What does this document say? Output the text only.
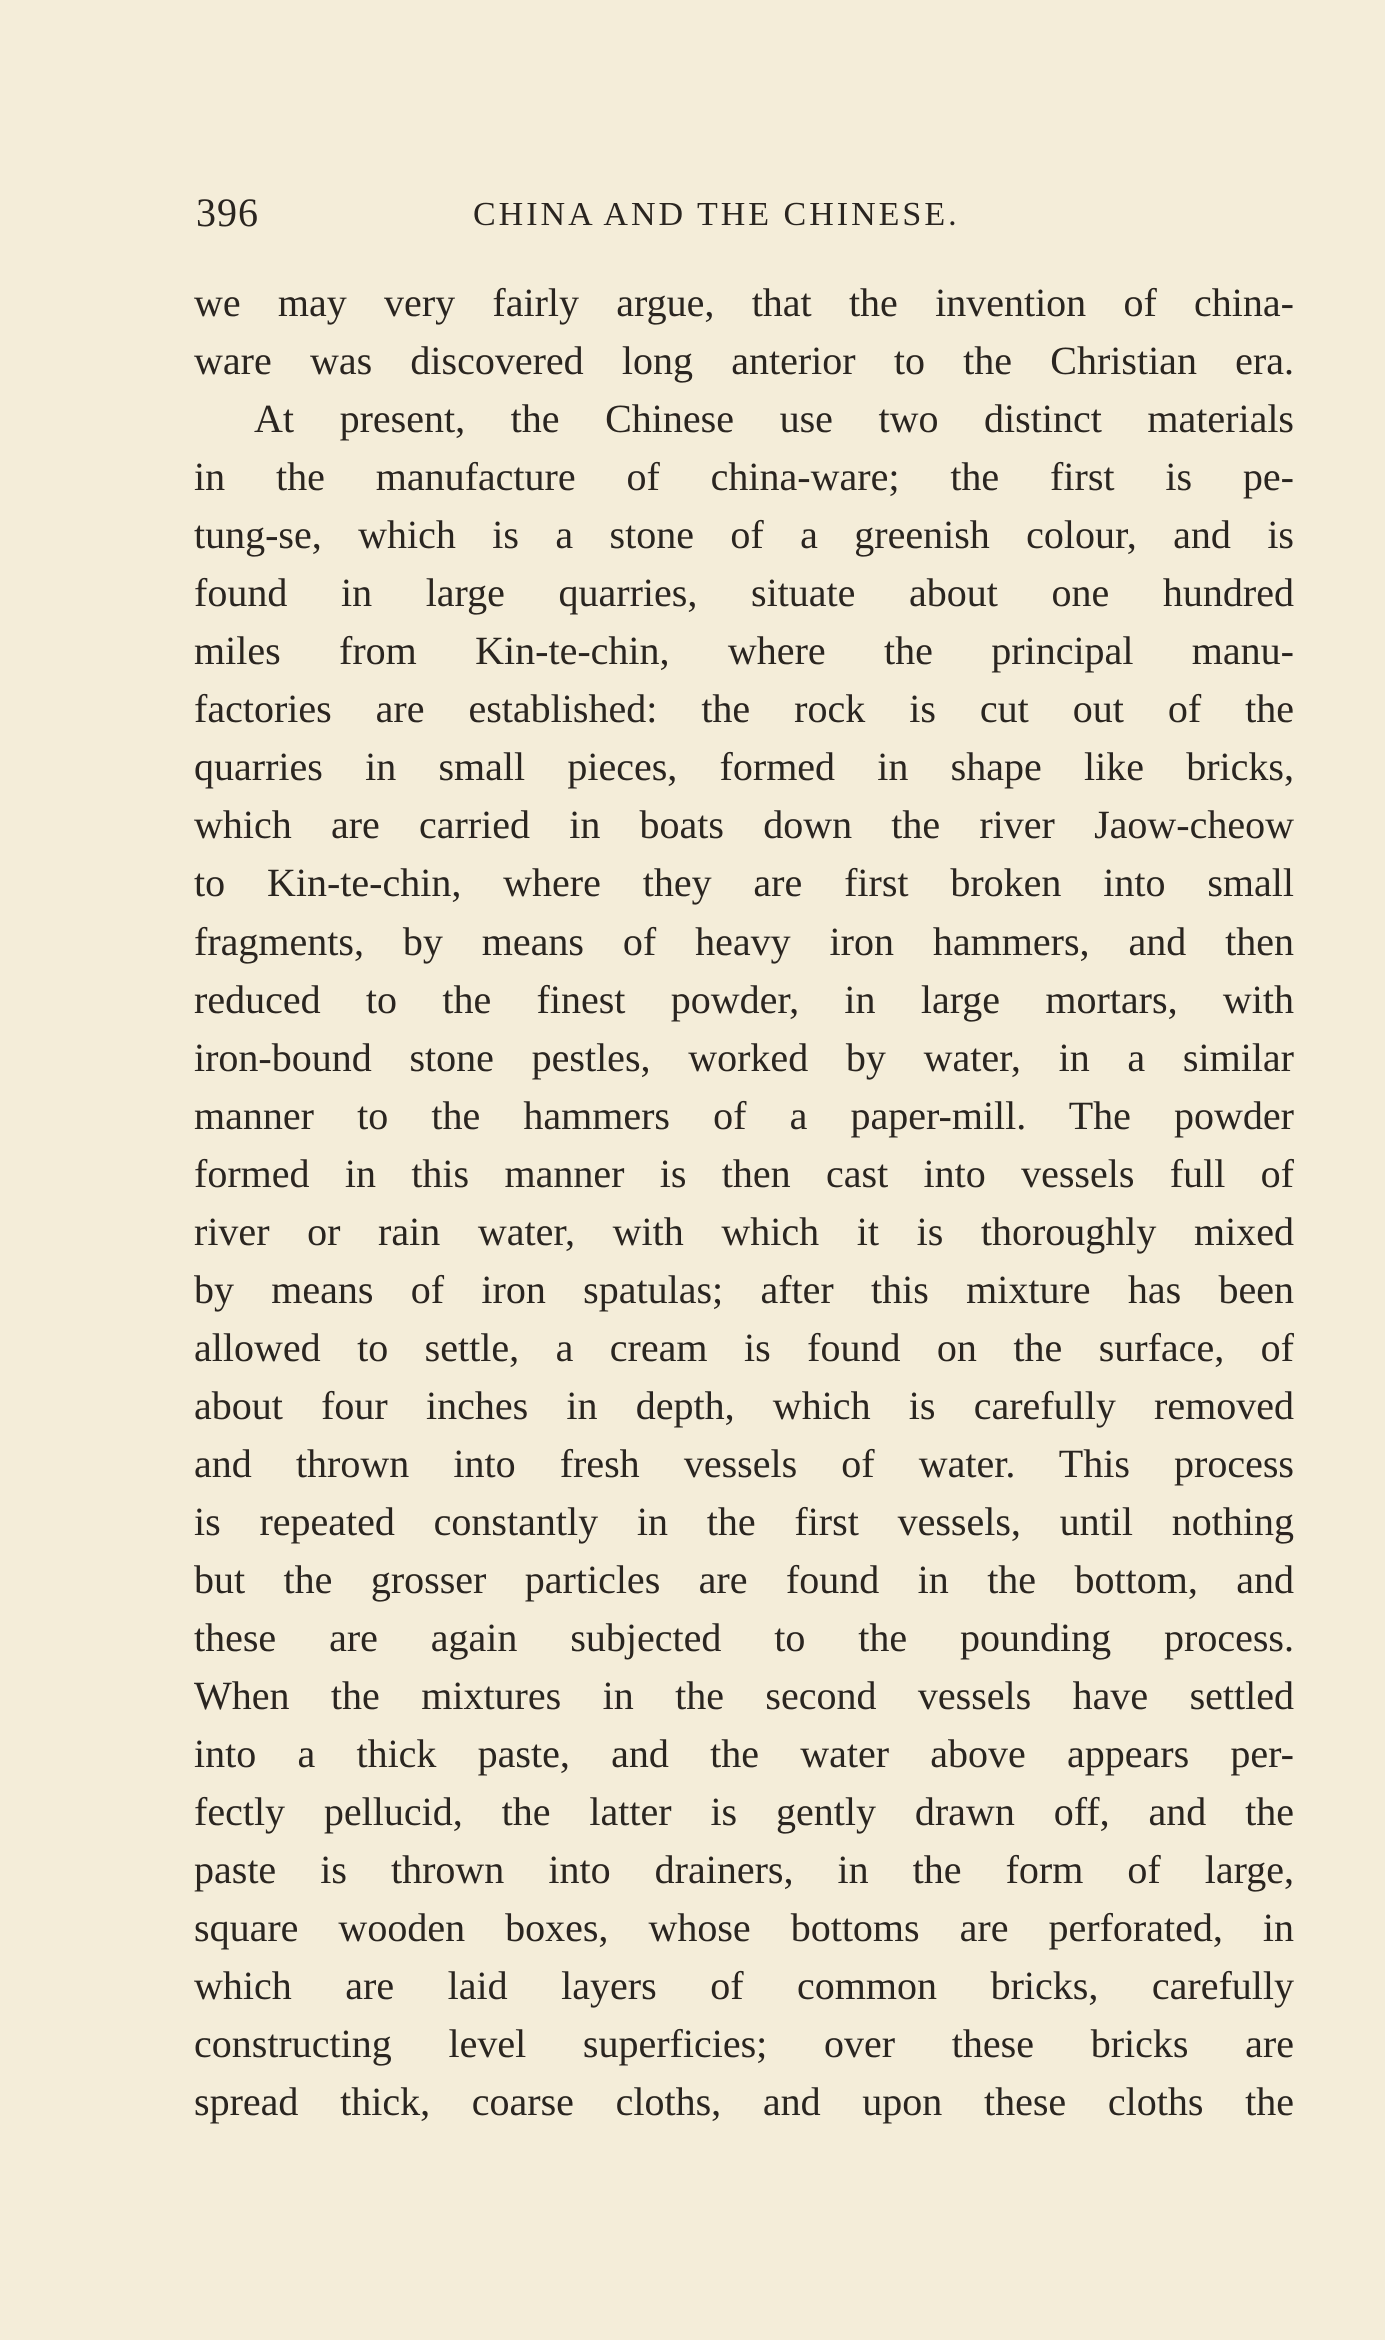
396	CHINA AND THE CHINESE.
we may very fairly argue, that the invention of china-
ware was discovered long anterior to the Christian era.
At present, the Chinese use two distinct materials
in the manufacture of china-ware; the first is pe-
tung-se, which is a stone of a greenish colour, and is
found in large quarries, situate about one hundred
miles from Kin-te-chin, where the principal manu-
factories are established: the rock is cut out of the
quarries in small pieces, formed in shape like bricks,
which are carried in boats down the river Jaow-cheow
to Kin-te-chin, where they are first broken into small
fragments, by means of heavy iron hammers, and then
reduced to the finest powder, in large mortars, with
iron-bound stone pestles, worked by water, in a similar
manner to the hammers of a paper-mill. The powder
formed in this manner is then cast into vessels full of
river or rain water, with which it is thoroughly mixed
by means of iron spatulas; after this mixture has been
allowed to settle, a cream is found on the surface, of
about four inches in depth, which is carefully removed
and thrown into fresh vessels of water. This process
is repeated constantly in the first vessels, until nothing
but the grosser particles are found in the bottom, and
these are again subjected to the pounding process.
When the mixtures in the second vessels have settled
into a thick paste, and the water above appears per-
fectly pellucid, the latter is gently drawn off, and the
paste is thrown into drainers, in the form of large,
square wooden boxes, whose bottoms are perforated, in
which are laid layers of common bricks, carefully
constructing level superficies; over these bricks are
spread thick, coarse cloths, and upon these cloths the
